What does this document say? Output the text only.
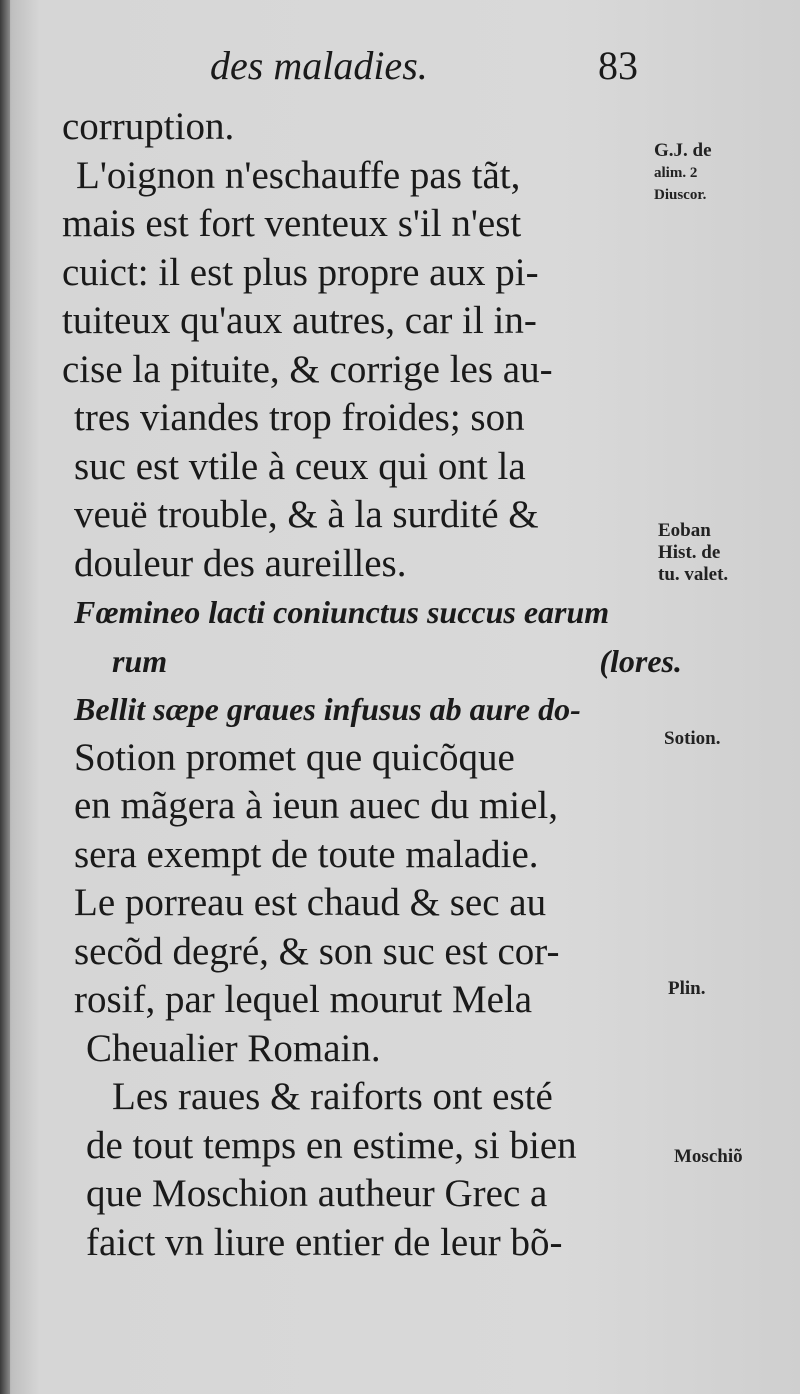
des maladies.	83
corruption.
L'oignon n'eschauffe pas tãt,
mais est fort venteux s'il n'est
cuict: il est plus propre aux pi-
tuiteux qu'aux autres, car il in-
cise la pituite, & corrige les au-
tres viandes trop froides; son
suc est vtile à ceux qui ont la
veuë trouble, & à la surdité &
douleur des aureilles.
Fœmineo lacti coniunctus succus earum
rum	(lores.
Bellit sæpe graues infusus ab aure do-
Sotion promet que quicõque
en mãgera à ieun auec du miel,
sera exempt de toute maladie.
Le porreau est chaud & sec au
secõd degré, & son suc est cor-
rosif, par lequel mourut Mela
Cheualier Romain.
Les raues & raiforts ont esté
de tout temps en estime, si bien
que Moschion autheur Grec a
faict vn liure entier de leur bõ-
G.J. de
alim. 2
Diuscor.
Eoban
Hist. de
tu. valet.
Sotion.
Plin.
Moschiõ
